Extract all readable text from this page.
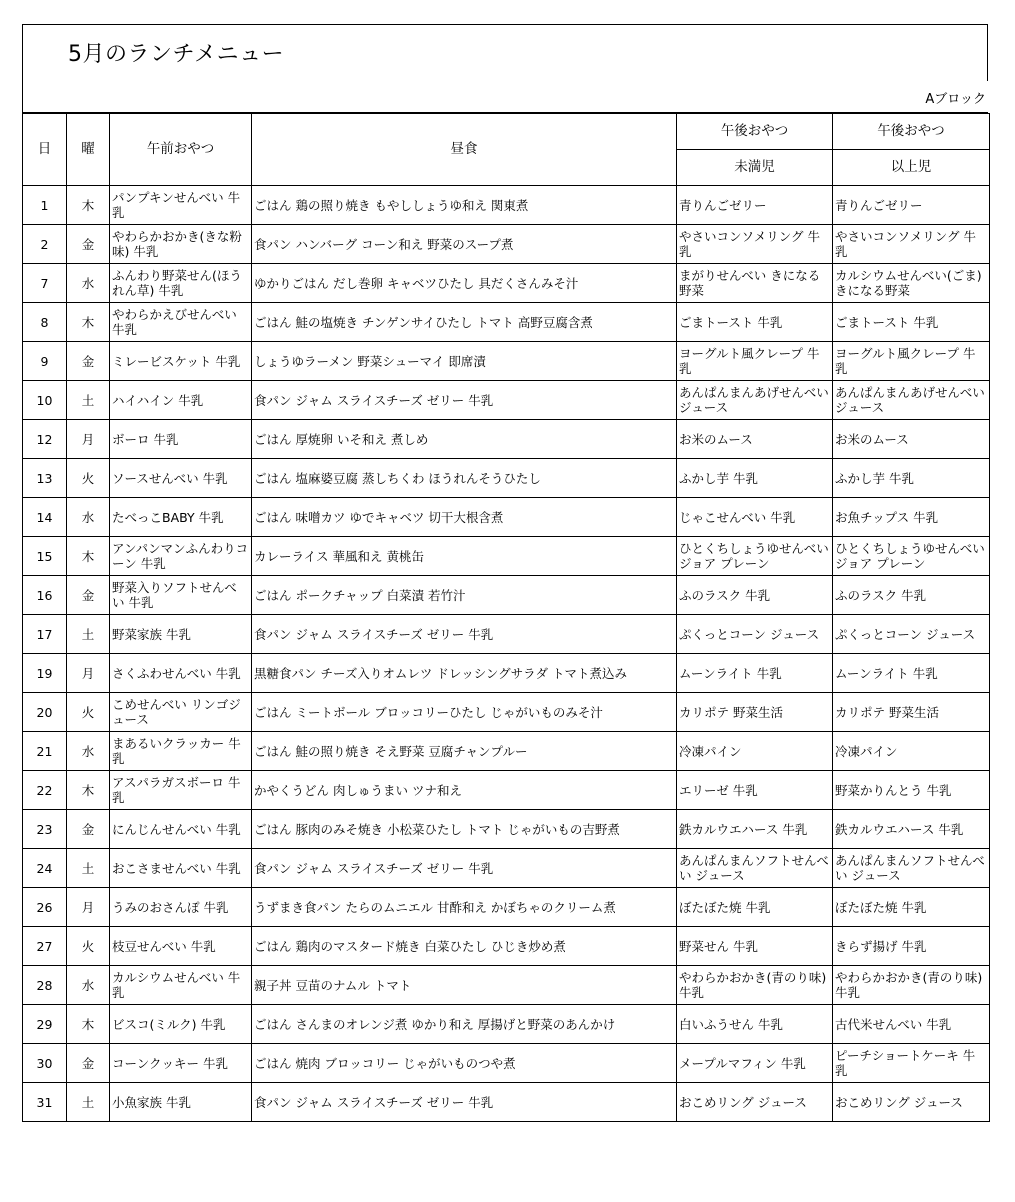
5月のランチメニュー
Aブロック
日	曜	午前おやつ	昼食	午後おやつ	午後おやつ
				未満児	以上児
1	木	パンプキンせんべい 牛乳	ごはん 鶏の照り焼き もやししょうゆ和え 関東煮	青りんごゼリー	青りんごゼリー
2	金	やわらかおかき(きな粉味) 牛乳	食パン ハンバーグ コーン和え 野菜のスープ煮	やさいコンソメリング 牛乳	やさいコンソメリング 牛乳
7	水	ふんわり野菜せん(ほうれん草) 牛乳	ゆかりごはん だし巻卵 キャベツひたし 具だくさんみそ汁	まがりせんべい きになる野菜	カルシウムせんべい(ごま) きになる野菜
8	木	やわらかえびせんべい 牛乳	ごはん 鮭の塩焼き チンゲンサイひたし トマト 高野豆腐含煮	ごまトースト 牛乳	ごまトースト 牛乳
9	金	ミレービスケット 牛乳	しょうゆラーメン 野菜シューマイ 即席漬	ヨーグルト風クレープ 牛乳	ヨーグルト風クレープ 牛乳
10	土	ハイハイン 牛乳	食パン ジャム スライスチーズ ゼリー 牛乳	あんぱんまんあげせんべい ジュース	あんぱんまんあげせんべい ジュース
12	月	ボーロ 牛乳	ごはん 厚焼卵 いそ和え 煮しめ	お米のムース	お米のムース
13	火	ソースせんべい 牛乳	ごはん 塩麻婆豆腐 蒸しちくわ ほうれんそうひたし	ふかし芋 牛乳	ふかし芋 牛乳
14	水	たべっこBABY 牛乳	ごはん 味噌カツ ゆでキャベツ 切干大根含煮	じゃこせんべい 牛乳	お魚チップス 牛乳
15	木	アンパンマンふんわりコーン 牛乳	カレーライス 華風和え 黄桃缶	ひとくちしょうゆせんべい ジョア プレーン	ひとくちしょうゆせんべい ジョア プレーン
16	金	野菜入りソフトせんべい 牛乳	ごはん ポークチャップ 白菜漬 若竹汁	ふのラスク 牛乳	ふのラスク 牛乳
17	土	野菜家族 牛乳	食パン ジャム スライスチーズ ゼリー 牛乳	ぷくっとコーン ジュース	ぷくっとコーン ジュース
19	月	さくふわせんべい 牛乳	黒糖食パン チーズ入りオムレツ ドレッシングサラダ トマト煮込み	ムーンライト 牛乳	ムーンライト 牛乳
20	火	こめせんべい リンゴジュース	ごはん ミートボール ブロッコリーひたし じゃがいものみそ汁	カリポテ 野菜生活	カリポテ 野菜生活
21	水	まあるいクラッカー 牛乳	ごはん 鮭の照り焼き そえ野菜 豆腐チャンプルー	冷凍パイン	冷凍パイン
22	木	アスパラガスボーロ 牛乳	かやくうどん 肉しゅうまい ツナ和え	エリーゼ 牛乳	野菜かりんとう 牛乳
23	金	にんじんせんべい 牛乳	ごはん 豚肉のみそ焼き 小松菜ひたし トマト じゃがいもの吉野煮	鉄カルウエハース 牛乳	鉄カルウエハース 牛乳
24	土	おこさませんべい 牛乳	食パン ジャム スライスチーズ ゼリー 牛乳	あんぱんまんソフトせんべい ジュース	あんぱんまんソフトせんべい ジュース
26	月	うみのおさんぽ 牛乳	うずまき食パン たらのムニエル 甘酢和え かぼちゃのクリーム煮	ぼたぼた焼 牛乳	ぼたぼた焼 牛乳
27	火	枝豆せんべい 牛乳	ごはん 鶏肉のマスタード焼き 白菜ひたし ひじき炒め煮	野菜せん 牛乳	きらず揚げ 牛乳
28	水	カルシウムせんべい 牛乳	親子丼 豆苗のナムル トマト	やわらかおかき(青のり味) 牛乳	やわらかおかき(青のり味) 牛乳
29	木	ビスコ(ミルク) 牛乳	ごはん さんまのオレンジ煮 ゆかり和え 厚揚げと野菜のあんかけ	白いふうせん 牛乳	古代米せんべい 牛乳
30	金	コーンクッキー 牛乳	ごはん 焼肉 ブロッコリー じゃがいものつや煮	メープルマフィン 牛乳	ピーチショートケーキ 牛乳
31	土	小魚家族 牛乳	食パン ジャム スライスチーズ ゼリー 牛乳	おこめリング ジュース	おこめリング ジュース
